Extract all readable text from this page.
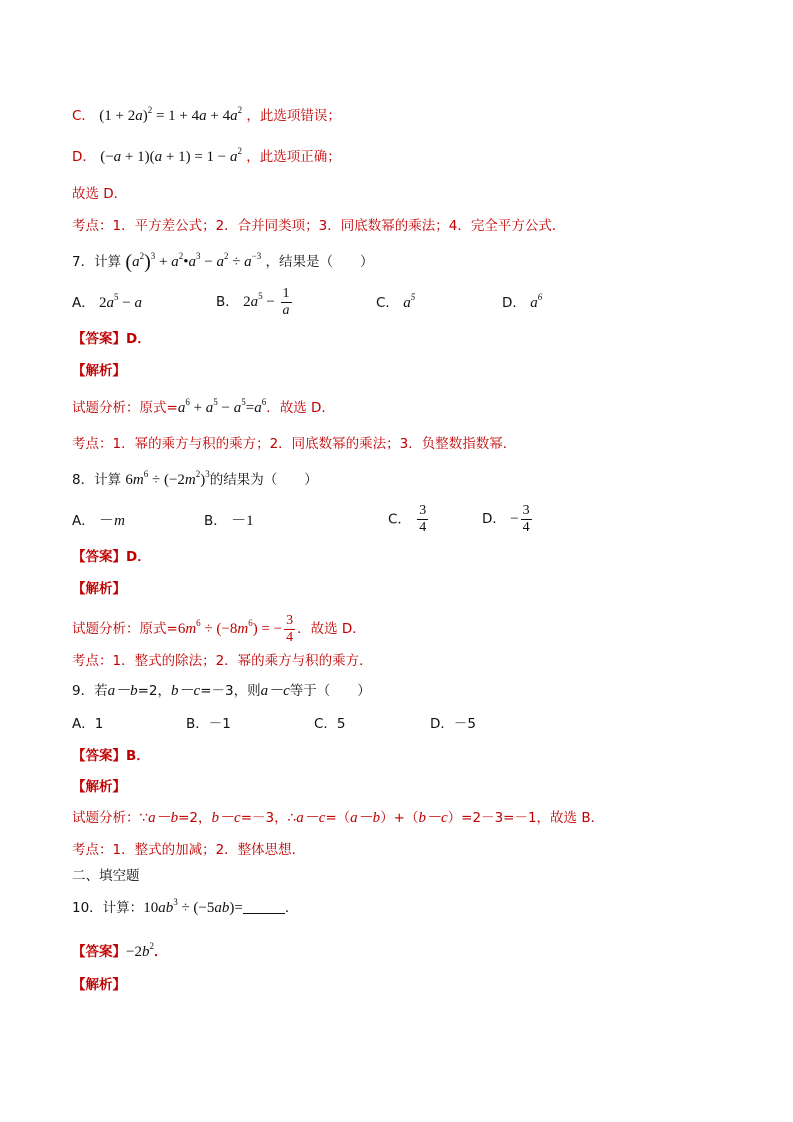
C． $(1 + 2a)^2 = 1 + 4a + 4a^2$ ，此选项错误；
D． $(-a + 1)(a + 1) = 1 - a^2$ ，此选项正确；
故选 D．
考点：1．平方差公式；2．合并同类项；3．同底数幂的乘法；4．完全平方公式．
7．计算 $(a^2)^3$ + $a^2•a^3 - a^2 \div a^{-3}$ ，结果是（　　）
A． $2a^5 - a$	B． $2a^5 - \frac{1}{a}$	C． $a^5$	D． $a^6$
【答案】D．
【解析】
试题分析：原式$=a^6 + a^5 - a^5=a^6$．故选 D．
考点：1．幂的乘方与积的乘方；2．同底数幂的乘法；3．负整数指数幂．
8．计算 $6m^6 \div (-2m^2)^3$的结果为（　　）
A． －m	B． －1	C． $\frac{3}{4}$	D． − $\frac{3}{4}$
【答案】D．
【解析】
试题分析：原式$=6m^6 \div (-8m^6)$ = − $\frac{3}{4}$ ．故选 D．
考点：1．整式的除法；2．幂的乘方与积的乘方．
9．若a－b=2，b－c=－3，则a－c等于（　　）
A．1	B．－1	C．5	D．－5
【答案】B．
【解析】
试题分析：∵a－b=2，b－c=－3，∴a－c=（a－b）+（b－c）=2－3=－1，故选 B．
考点：1．整式的加减；2．整体思想．
二、填空题
10．计算：$10ab^3 \div (-5ab)=$	．
【答案】$-2b^2$．
【解析】
